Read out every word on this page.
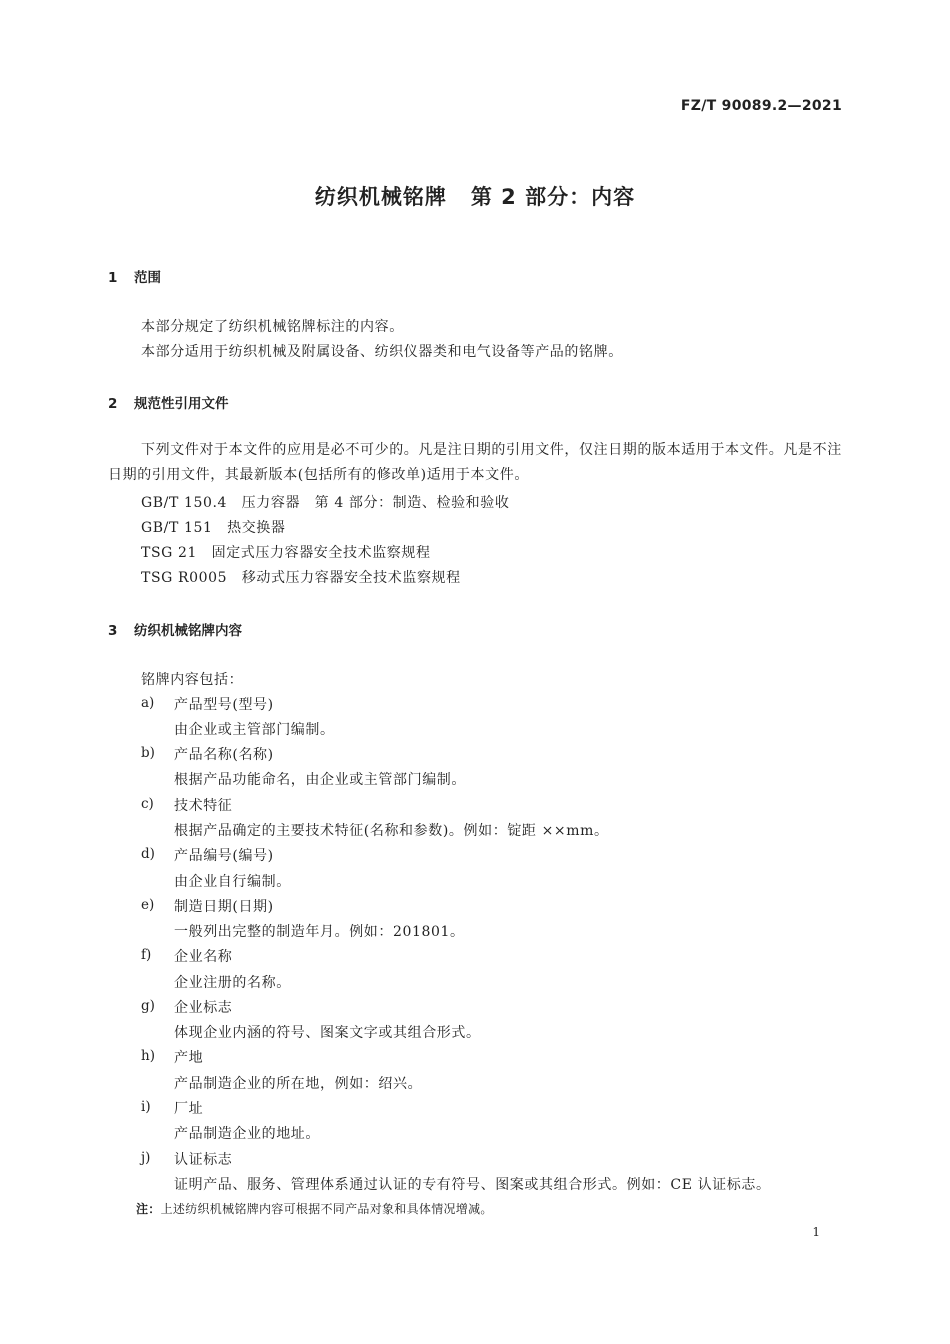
FZ/T 90089.2—2021
纺织机械铭牌 第 2 部分：内容
1 范围
本部分规定了纺织机械铭牌标注的内容。
本部分适用于纺织机械及附属设备、纺织仪器类和电气设备等产品的铭牌。
2 规范性引用文件
下列文件对于本文件的应用是必不可少的。凡是注日期的引用文件，仅注日期的版本适用于本文件。凡是不注日期的引用文件，其最新版本(包括所有的修改单)适用于本文件。
GB/T 150.4　 压力容器　第 4 部分：制造、检验和验收
GB/T 151　 热交换器
TSG 21　 固定式压力容器安全技术监察规程
TSG R0005　 移动式压力容器安全技术监察规程
3 纺织机械铭牌内容
铭牌内容包括：
a) 产品型号(型号)
由企业或主管部门编制。
b) 产品名称(名称)
根据产品功能命名，由企业或主管部门编制。
c) 技术特征
根据产品确定的主要技术特征(名称和参数)。例如：锭距 ××mm。
d) 产品编号(编号)
由企业自行编制。
e) 制造日期(日期)
一般列出完整的制造年月。例如：201801。
f) 企业名称
企业注册的名称。
g) 企业标志
体现企业内涵的符号、图案文字或其组合形式。
h) 产地
产品制造企业的所在地，例如：绍兴。
i) 厂址
产品制造企业的地址。
j) 认证标志
证明产品、服务、管理体系通过认证的专有符号、图案或其组合形式。例如：CE 认证标志。
注：上述纺织机械铭牌内容可根据不同产品对象和具体情况增减。
1
